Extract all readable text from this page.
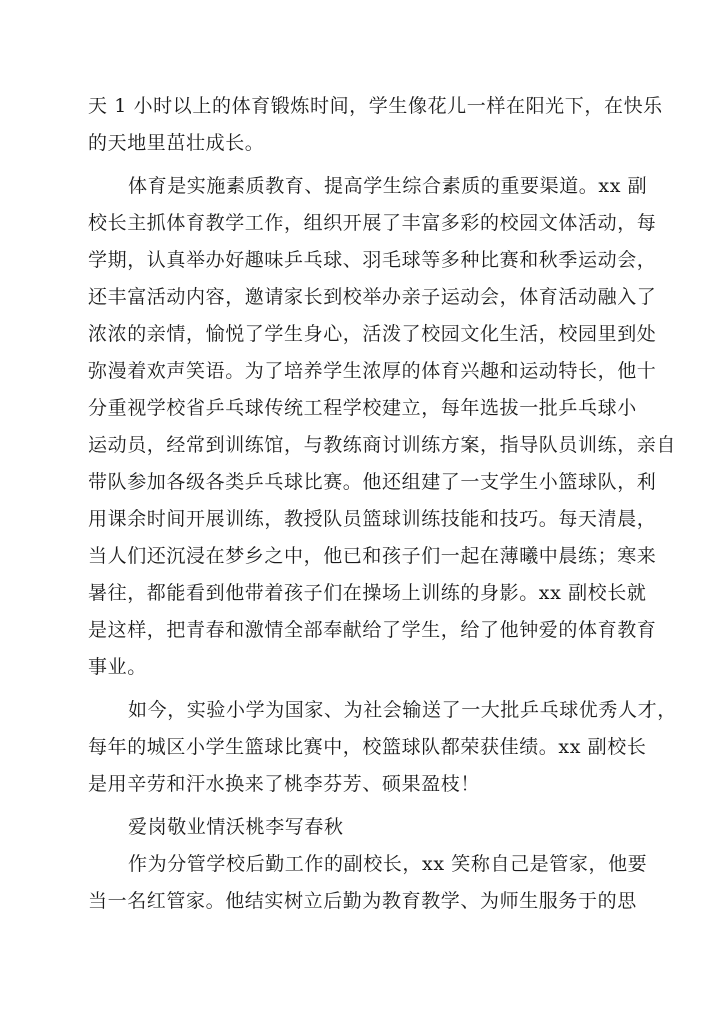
天 1 小时以上的体育锻炼时间，学生像花儿一样在阳光下，在快乐
的天地里茁壮成长。
体育是实施素质教育、提高学生综合素质的重要渠道。xx 副
校长主抓体育教学工作，组织开展了丰富多彩的校园文体活动，每
学期，认真举办好趣味乒乓球、羽毛球等多种比赛和秋季运动会，
还丰富活动内容，邀请家长到校举办亲子运动会，体育活动融入了
浓浓的亲情，愉悦了学生身心，活泼了校园文化生活，校园里到处
弥漫着欢声笑语。为了培养学生浓厚的体育兴趣和运动特长，他十
分重视学校省乒乓球传统工程学校建立，每年选拔一批乒乓球小
运动员，经常到训练馆，与教练商讨训练方案，指导队员训练，亲自
带队参加各级各类乒乓球比赛。他还组建了一支学生小篮球队，利
用课余时间开展训练，教授队员篮球训练技能和技巧。每天清晨，
当人们还沉浸在梦乡之中，他已和孩子们一起在薄曦中晨练；寒来
暑往，都能看到他带着孩子们在操场上训练的身影。xx 副校长就
是这样，把青春和激情全部奉献给了学生，给了他钟爱的体育教育
事业。
如今，实验小学为国家、为社会输送了一大批乒乓球优秀人才，
每年的城区小学生篮球比赛中，校篮球队都荣获佳绩。xx 副校长
是用辛劳和汗水换来了桃李芬芳、硕果盈枝！
爱岗敬业情沃桃李写春秋
作为分管学校后勤工作的副校长，xx 笑称自己是管家，他要
当一名红管家。他结实树立后勤为教育教学、为师生服务于的思
